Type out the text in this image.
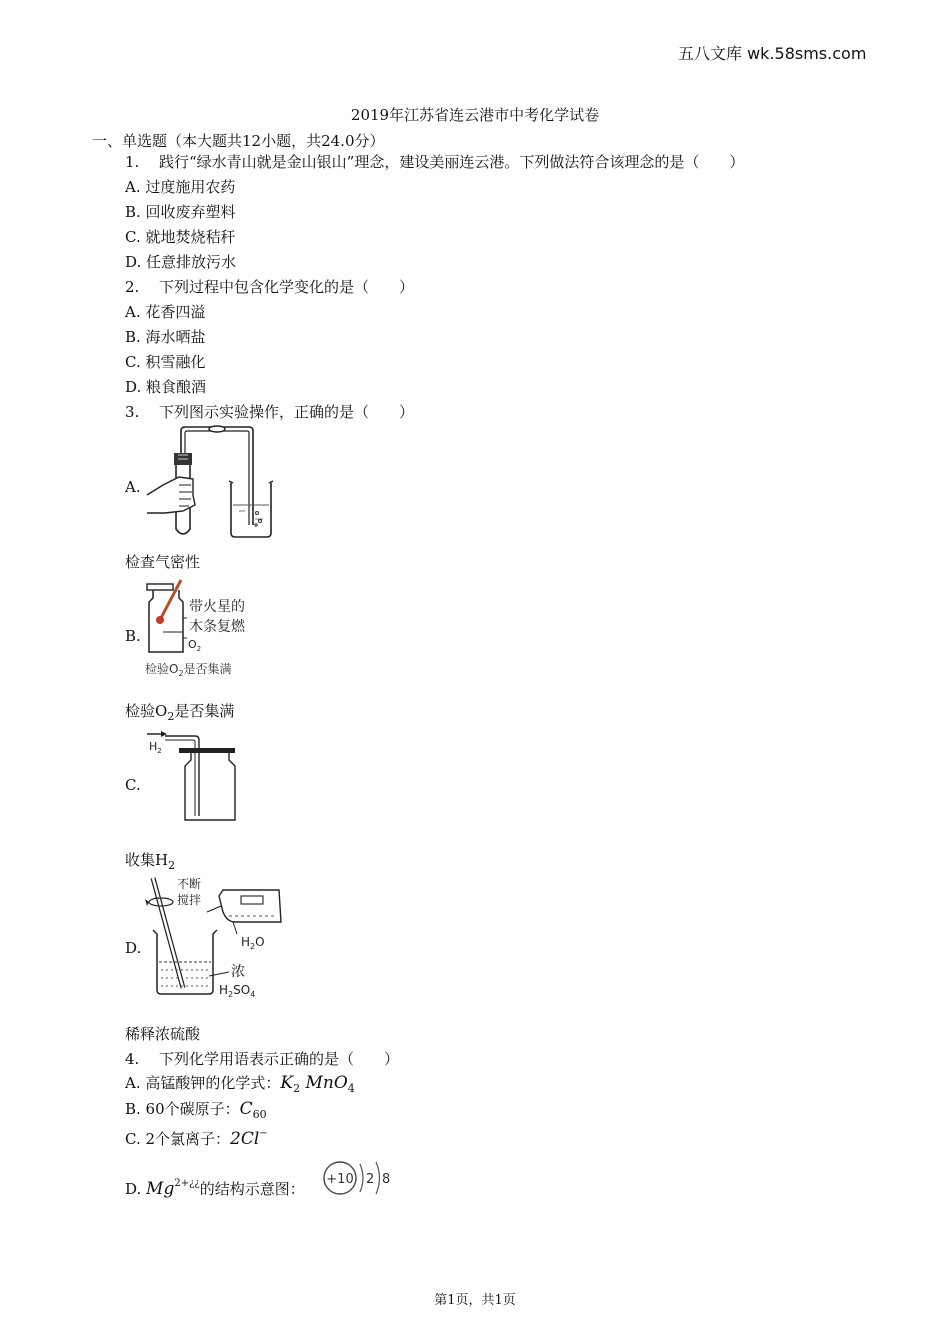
五八文库 wk.58sms.com
2019年江苏省连云港市中考化学试卷
一、单选题（本大题共12小题，共24.0分）
1. 践行“绿水青山就是金山银山”理念，建设美丽连云港。下列做法符合该理念的是（　　）
A. 过度施用农药
B. 回收废弃塑料
C. 就地焚烧秸秆
D. 任意排放污水
2. 下列过程中包含化学变化的是（　　）
A. 花香四溢
B. 海水晒盐
C. 积雪融化
D. 粮食酿酒
3. 下列图示实验操作，正确的是（　　）
A.
检查气密性
B.
带火星的
木条复燃
$O_2$
检验$O_2$是否集满
检验$O_2$是否集满
C.
$H_2$
收集$H_2$
D.
不断
搅拌
$H_2O$
浓
$H_2SO_4$
稀释浓硫酸
4. 下列化学用语表示正确的是（　　）
A. 高锰酸钾的化学式：$K_2$ MnO$_4$
B. 60个碳原子：$C_{60}$
C. 2个氯离子：2Cl−
D. $Mg^{2+¿¿}$的结构示意图：
+10 2 8
第1页，共1页
